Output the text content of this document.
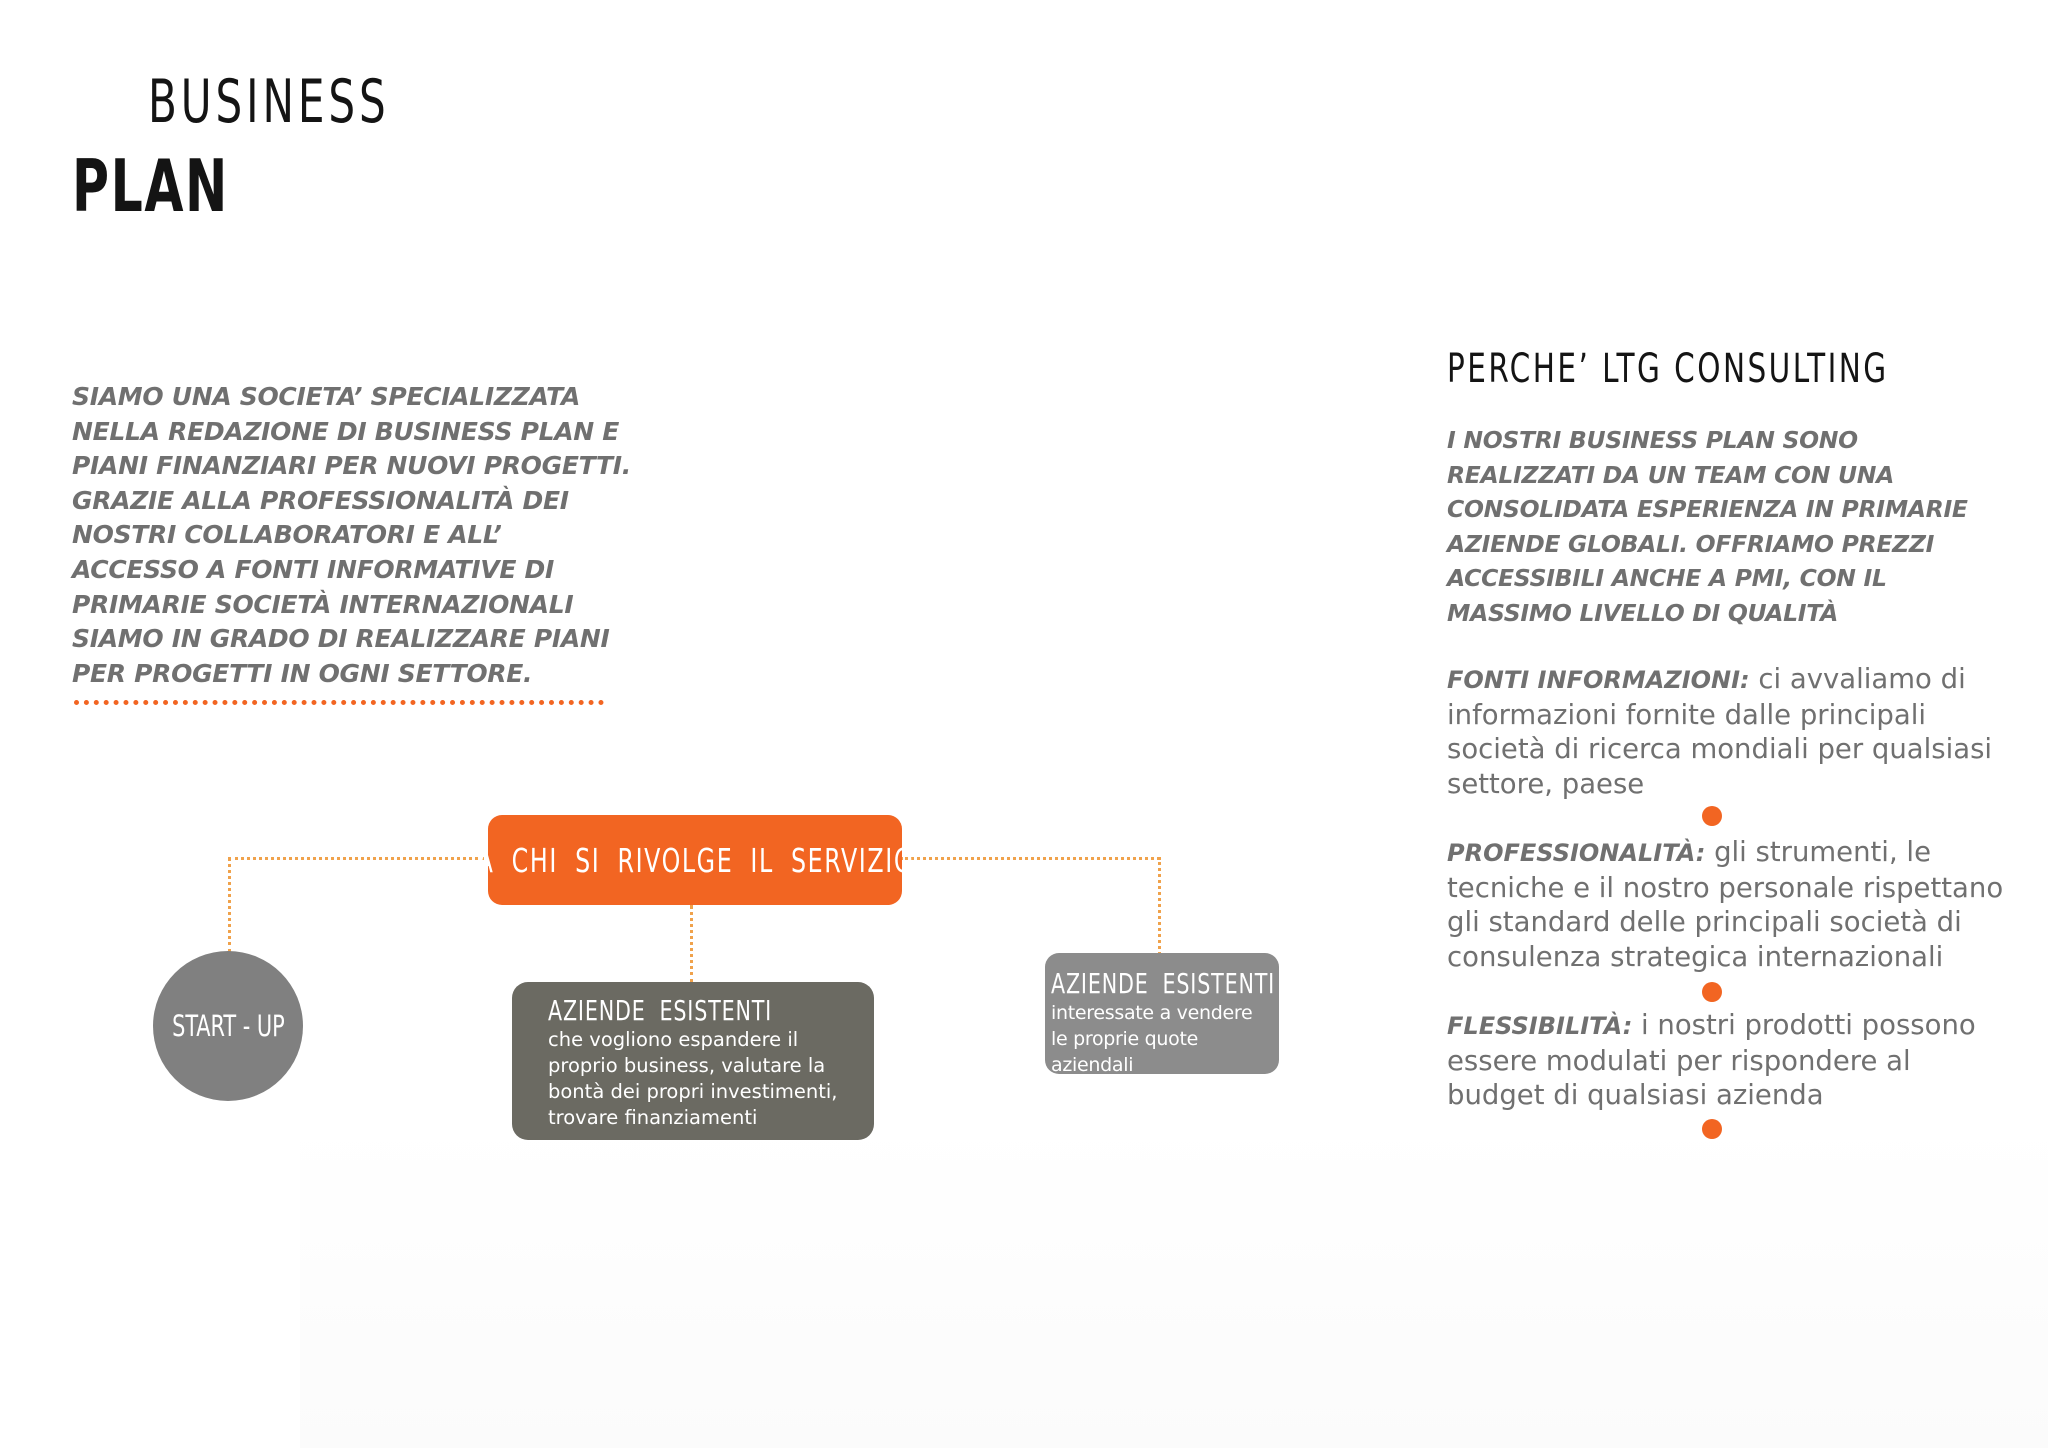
BUSINESS
PLAN

SIAMO UNA SOCIETA’ SPECIALIZZATA NELLA REDAZIONE DI BUSINESS PLAN E PIANI FINANZIARI PER NUOVI PROGETTI. GRAZIE ALLA PROFESSIONALITÀ DEI NOSTRI COLLABORATORI E ALL’ ACCESSO A FONTI INFORMATIVE DI PRIMARIE SOCIETÀ INTERNAZIONALI SIAMO IN GRADO DI REALIZZARE PIANI PER PROGETTI IN OGNI SETTORE.

A CHI SI RIVOLGE IL SERVIZIO
START - UP	AZIENDE ESISTENTI
che vogliono espandere il proprio business, valutare la bontà dei propri investimenti, trovare finanziamenti
AZIENDE ESISTENTI
interessate a vendere le proprie quote aziendali
PERCHE’ LTG CONSULTING

I NOSTRI BUSINESS PLAN SONO REALIZZATI DA UN TEAM CON UNA CONSOLIDATA ESPERIENZA IN PRIMARIE AZIENDE GLOBALI. OFFRIAMO PREZZI ACCESSIBILI ANCHE A PMI, CON IL MASSIMO LIVELLO DI QUALITÀ

FONTI INFORMAZIONI: ci avvaliamo di informazioni fornite dalle principali società di ricerca mondiali per qualsiasi settore, paese

PROFESSIONALITÀ: gli strumenti, le tecniche e il nostro personale rispettano gli standard delle principali società di consulenza strategica internazionali

FLESSIBILITÀ: i nostri prodotti possono essere modulati per rispondere al budget di qualsiasi azienda
